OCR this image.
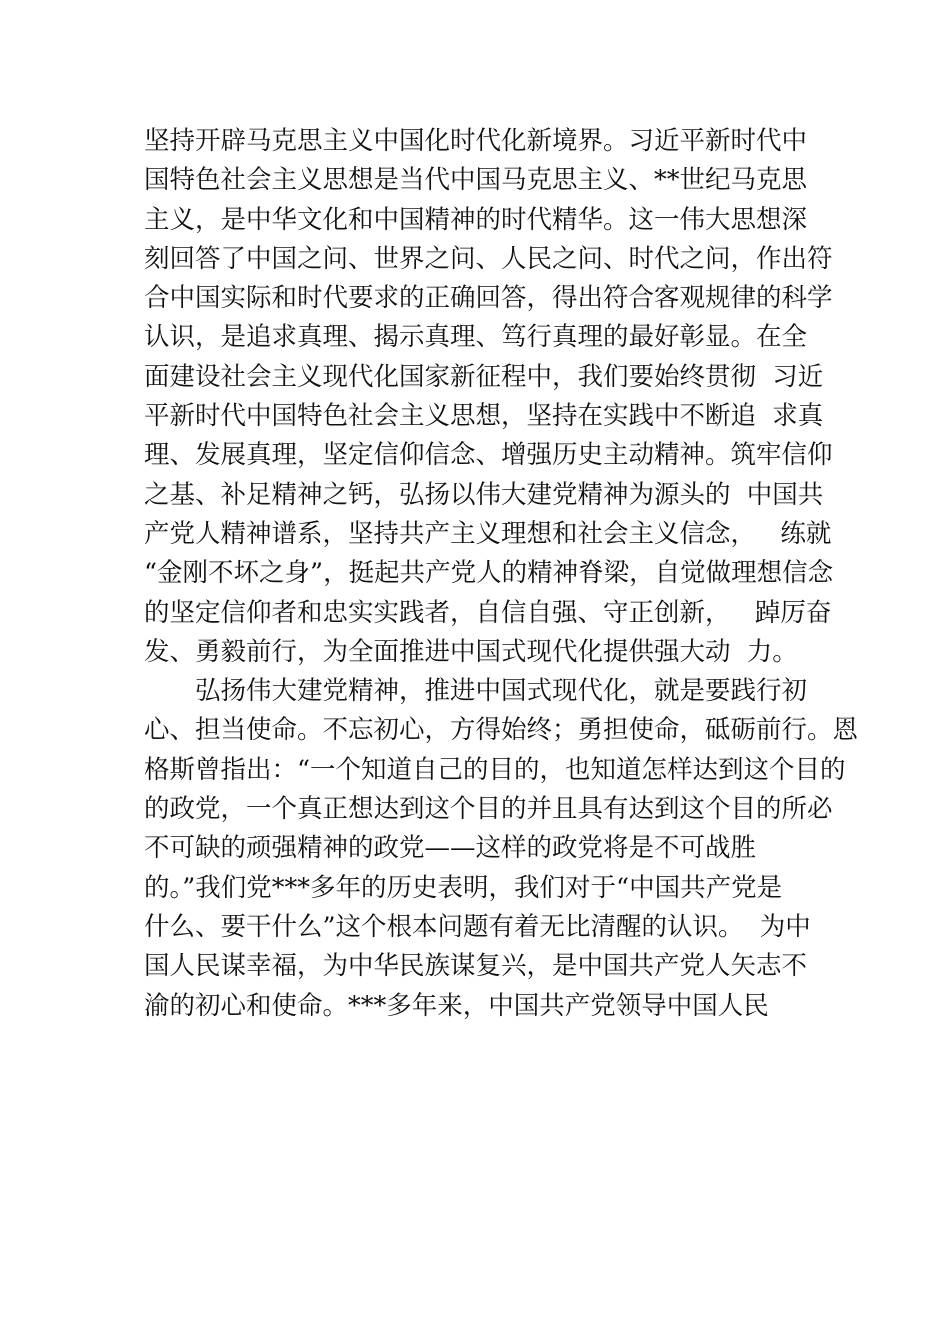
坚持开辟马克思主义中国化时代化新境界。习近平新时代中
国特色社会主义思想是当代中国马克思主义、**世纪马克思
主义，是中华文化和中国精神的时代精华。这一伟大思想深
刻回答了中国之问、世界之问、人民之问、时代之问，作出符
合中国实际和时代要求的正确回答，得出符合客观规律的科学
认识，是追求真理、揭示真理、笃行真理的最好彰显。在全
面建设社会主义现代化国家新征程中，我们要始终贯彻  习近
平新时代中国特色社会主义思想，坚持在实践中不断追  求真
理、发展真理，坚定信仰信念、增强历史主动精神。筑牢信仰
之基、补足精神之钙，弘扬以伟大建党精神为源头的  中国共
产党人精神谱系，坚持共产主义理想和社会主义信念，   练就
“金刚不坏之身”，挺起共产党人的精神脊梁，自觉做理想信念
的坚定信仰者和忠实实践者，自信自强、守正创新，   踔厉奋
发、勇毅前行，为全面推进中国式现代化提供强大动  力。
弘扬伟大建党精神，推进中国式现代化，就是要践行初
心、担当使命。不忘初心，方得始终；勇担使命，砥砺前行。恩
格斯曾指出：“一个知道自己的目的，也知道怎样达到这个目的
的政党，一个真正想达到这个目的并且具有达到这个目的所必
不可缺的顽强精神的政党——这样的政党将是不可战胜
的。”我们党***多年的历史表明，我们对于“中国共产党是
什么、要干什么”这个根本问题有着无比清醒的认识。  为中
国人民谋幸福，为中华民族谋复兴，是中国共产党人矢志不
渝的初心和使命。***多年来，中国共产党领导中国人民
